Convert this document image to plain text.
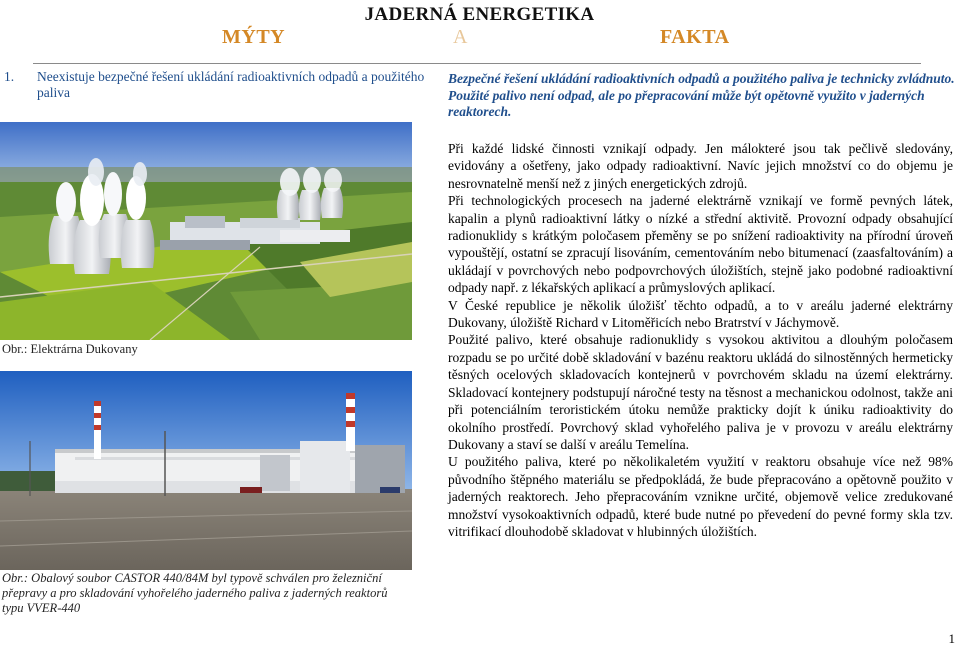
JADERNÁ ENERGETIKA
MÝTY	A	FAKTA
1. Neexistuje bezpečné řešení ukládání radioaktivních odpadů a použitého paliva
Bezpečné řešení ukládání radioaktivních odpadů a použitého paliva je technicky zvládnuto. Použité palivo není odpad, ale po přepracování může být opětovně využito v jaderných reaktorech.
Obr.: Elektrárna Dukovany
Obr.: Obalový soubor CASTOR 440/84M byl typově schválen pro železniční přepravy a pro skladování vyhořelého jaderného paliva z jaderných reaktorů typu VVER-440

Při každé lidské činnosti vznikají odpady. Jen málokteré jsou tak pečlivě sledovány, evidovány a ošetřeny, jako odpady radioaktivní. Navíc jejich množství co do objemu je nesrovnatelně menší než z jiných energetických zdrojů.

Při technologických procesech na jaderné elektrárně vznikají ve formě pevných látek, kapalin a plynů radioaktivní látky o nízké a střední aktivitě. Provozní odpady obsahující radionuklidy s krátkým poločasem přeměny se po snížení radioaktivity na přírodní úroveň vypouštějí, ostatní se zpracují lisováním, cementováním nebo bitumenací (zaasfaltováním) a ukládají v povrchových nebo podpovrchových úložištích, stejně jako podobné radioaktivní odpady např. z lékařských aplikací a průmyslových aplikací.

V České republice je několik úložišť těchto odpadů, a to v areálu jaderné elektrárny Dukovany, úložiště Richard v Litoměřicích nebo Bratrství v Jáchymově.

Použité palivo, které obsahuje radionuklidy s vysokou aktivitou a dlouhým poločasem rozpadu se po určité době skladování v bazénu reaktoru ukládá do silnostěnných hermeticky těsných ocelových skladovacích kontejnerů v povrchovém skladu na území elektrárny. Skladovací kontejnery podstupují náročné testy na těsnost a mechanickou odolnost, takže ani při potenciálním teroristickém útoku nemůže prakticky dojít k úniku radioaktivity do okolního prostředí. Povrchový sklad vyhořelého paliva je v provozu v areálu elektrárny Dukovany a staví se další v areálu Temelína.

U použitého paliva, které po několikaletém využití v reaktoru obsahuje více než 98% původního štěpného materiálu se předpokládá, že bude přepracováno a opětovně použito v jaderných reaktorech. Jeho přepracováním vznikne určité, objemově velice zredukované množství vysokoaktivních odpadů, které bude nutné po převedení do pevné formy skla tzv. vitrifikací dlouhodobě skladovat v hlubinných úložištích.

1
